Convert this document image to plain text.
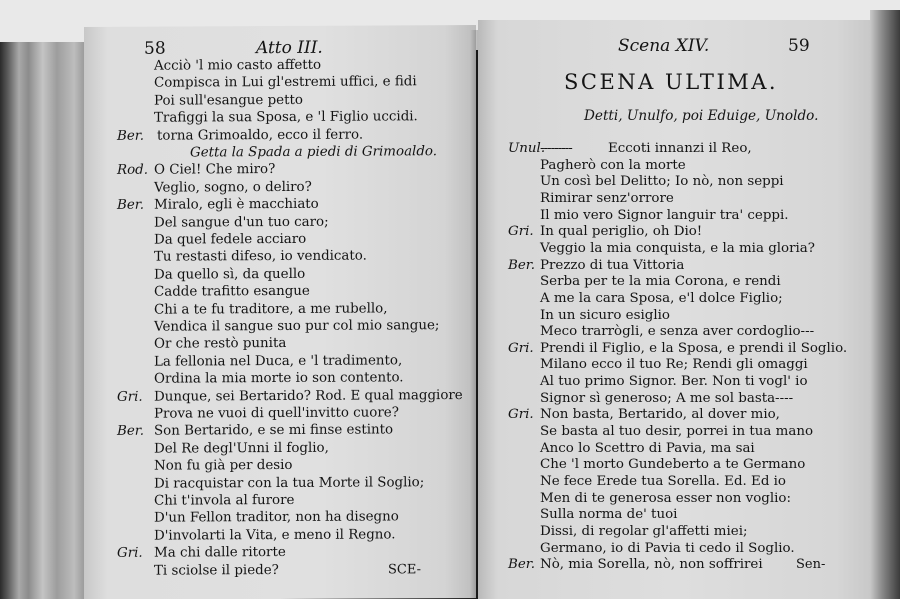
58	Atto III.
Acciò 'l mio casto affetto
Compisca in Lui gl'estremi uffici, e fidi
Poi sull'esangue petto
Trafiggi la sua Sposa, e 'l Figlio uccidi.
Ber. torna Grimoaldo, ecco il ferro.
Getta la Spada a piedi di Grimoaldo.
Rod. O Ciel! Che miro?
Veglio, sogno, o deliro?
Ber. Miralo, egli è macchiato
Del sangue d'un tuo caro;
Da quel fedele acciaro
Tu restasti difeso, io vendicato.
Da quello sì, da quello
Cadde trafitto esangue
Chi a te fu traditore, a me rubello,
Vendica il sangue suo pur col mio sangue;
Or che restò punita
La fellonia nel Duca, e 'l tradimento,
Ordina la mia morte io son contento.
Gri. Dunque, sei Bertarido? Rod. E qual maggiore
Prova ne vuoi di quell'invitto cuore?
Ber. Son Bertarido, e se mi finse estinto
Del Re degl'Unni il foglio,
Non fu già per desio
Di racquistar con la tua Morte il Soglio;
Chi t'invola al furore
D'un Fellon traditor, non ha disegno
D'involarti la Vita, e meno il Regno.
Gri. Ma chi dalle ritorte
Ti sciolse il piede?	SCE-
Scena XIV.	59
SCENA ULTIMA.
Detti, Unulfo, poi Eduige, Unoldo.
Unul.
---------	Eccoti innanzi il Reo,
Pagherò con la morte
Un così bel Delitto; Io nò, non seppi
Rimirar senz'orrore
Il mio vero Signor languir tra' ceppi.
Gri. In qual periglio, oh Dio!
Veggio la mia conquista, e la mia gloria?
Ber. Prezzo di tua Vittoria
Serba per te la mia Corona, e rendi
A me la cara Sposa, e'l dolce Figlio;
In un sicuro esiglio
Meco trarrògli, e senza aver cordoglio---
Gri. Prendi il Figlio, e la Sposa, e prendi il Soglio.
Milano ecco il tuo Re; Rendi gli omaggi
Al tuo primo Signor. Ber. Non ti vogl' io
Signor sì generoso; A me sol basta----
Gri. Non basta, Bertarido, al dover mio,
Se basta al tuo desir, porrei in tua mano
Anco lo Scettro di Pavia, ma sai
Che 'l morto Gundeberto a te Germano
Ne fece Erede tua Sorella. Ed. Ed io
Men di te generosa esser non voglio:
Sulla norma de' tuoi
Dissi, di regolar gl'affetti miei;
Germano, io di Pavia ti cedo il Soglio.
Ber. Nò, mia Sorella, nò, non soffrirei	Sen-
